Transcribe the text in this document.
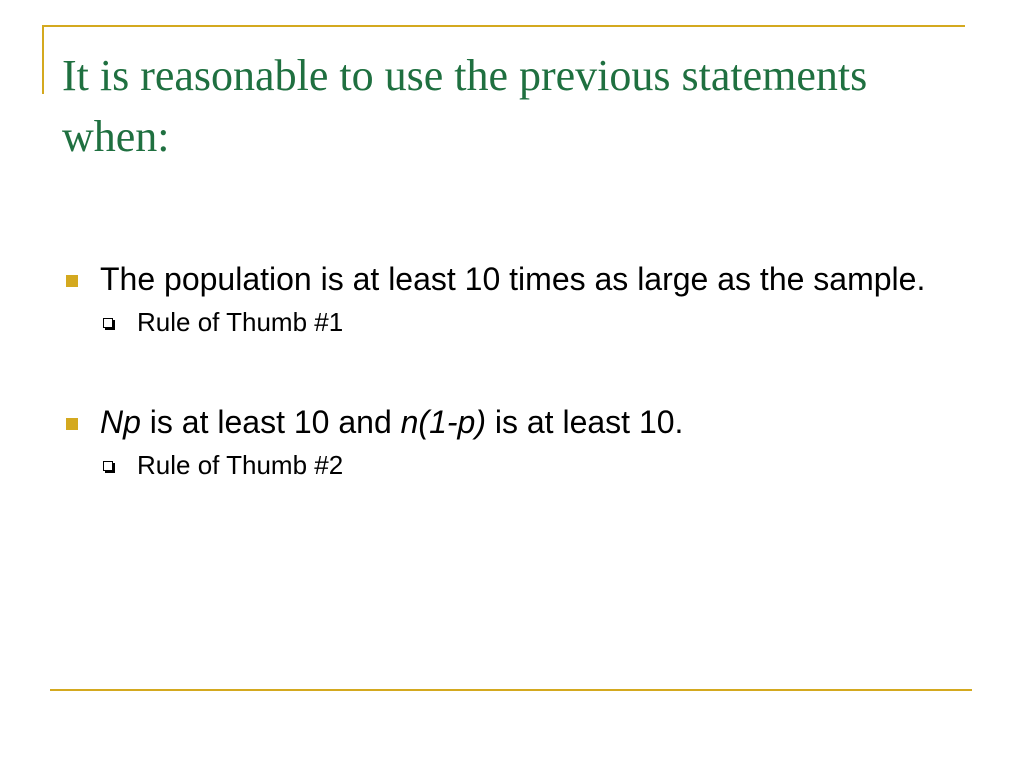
It is reasonable to use the previous statements when:
The population is at least 10 times as large as the sample.
Rule of Thumb #1
Np is at least 10 and n(1-p) is at least 10.
Rule of Thumb #2
